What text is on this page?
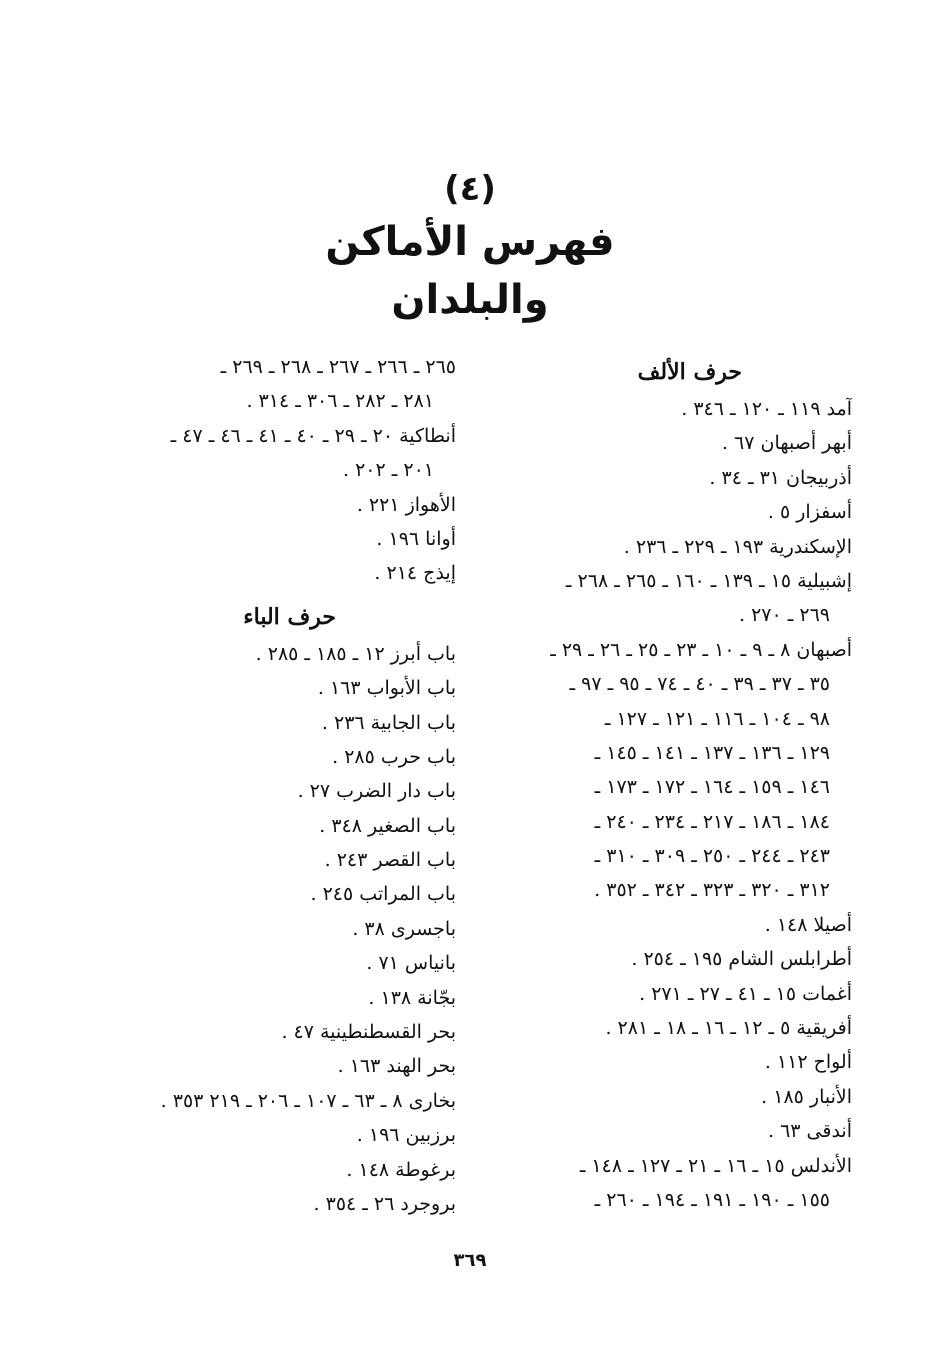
(٤)
فهرس الأماكن
والبلدان
حرف الألف
آمد ١١٩ ـ ١٢٠ ـ ٣٤٦ .
أبهر أصبهان ٦٧ .
أذربيجان ٣١ ـ ٣٤ .
أسفزار ٥ .
الإسكندرية ١٩٣ ـ ٢٢٩ ـ ٢٣٦ .
إشبيلية ١٥ ـ ١٣٩ ـ ١٦٠ ـ ٢٦٥ ـ ٢٦٨ ـ
٢٦٩ ـ ٢٧٠ .
أصبهان ٨ ـ ٩ ـ ١٠ ـ ٢٣ ـ ٢٥ ـ ٢٦ ـ ٢٩ ـ
٣٥ ـ ٣٧ ـ ٣٩ ـ ٤٠ ـ ٧٤ ـ ٩٥ ـ ٩٧ ـ
٩٨ ـ ١٠٤ ـ ١١٦ ـ ١٢١ ـ ١٢٧ ـ
١٢٩ ـ ١٣٦ ـ ١٣٧ ـ ١٤١ ـ ١٤٥ ـ
١٤٦ ـ ١٥٩ ـ ١٦٤ ـ ١٧٢ ـ ١٧٣ ـ
١٨٤ ـ ١٨٦ ـ ٢١٧ ـ ٢٣٤ ـ ٢٤٠ ـ
٢٤٣ ـ ٢٤٤ ـ ٢٥٠ ـ ٣٠٩ ـ ٣١٠ ـ
٣١٢ ـ ٣٢٠ ـ ٣٢٣ ـ ٣٤٢ ـ ٣٥٢ .
أصيلا ١٤٨ .
أطرابلس الشام ١٩٥ ـ ٢٥٤ .
أغمات ١٥ ـ ٤١ ـ ٢٧ ـ ٢٧١ .
أفريقية ٥ ـ ١٢ ـ ١٦ ـ ١٨ ـ ٢٨١ .
ألواح ١١٢ .
الأنبار ١٨٥ .
أندقى ٦٣ .
الأندلس ١٥ ـ ١٦ ـ ٢١ ـ ١٢٧ ـ ١٤٨ ـ
١٥٥ ـ ١٩٠ ـ ١٩١ ـ ١٩٤ ـ ٢٦٠ ـ
٢٦٥ ـ ٢٦٦ ـ ٢٦٧ ـ ٢٦٨ ـ ٢٦٩ ـ
٢٨١ ـ ٢٨٢ ـ ٣٠٦ ـ ٣١٤ .
أنطاكية ٢٠ ـ ٢٩ ـ ٤٠ ـ ٤١ ـ ٤٦ ـ ٤٧ ـ
٢٠١ ـ ٢٠٢ .
الأهواز ٢٢١ .
أوانا ١٩٦ .
إيذج ٢١٤ .
حرف الباء
باب أبرز ١٢ ـ ١٨٥ ـ ٢٨٥ .
باب الأبواب ١٦٣ .
باب الجابية ٢٣٦ .
باب حرب ٢٨٥ .
باب دار الضرب ٢٧ .
باب الصغير ٣٤٨ .
باب القصر ٢٤٣ .
باب المراتب ٢٤٥ .
باجسرى ٣٨ .
بانياس ٧١ .
بجّانة ١٣٨ .
بحر القسطنطينية ٤٧ .
بحر الهند ١٦٣ .
بخارى ٨ ـ ٦٣ ـ ١٠٧ ـ ٢٠٦ ـ ٢١٩ ٣٥٣ .
برزبين ١٩٦ .
برغوطة ١٤٨ .
بروجرد ٢٦ ـ ٣٥٤ .
٣٦٩
